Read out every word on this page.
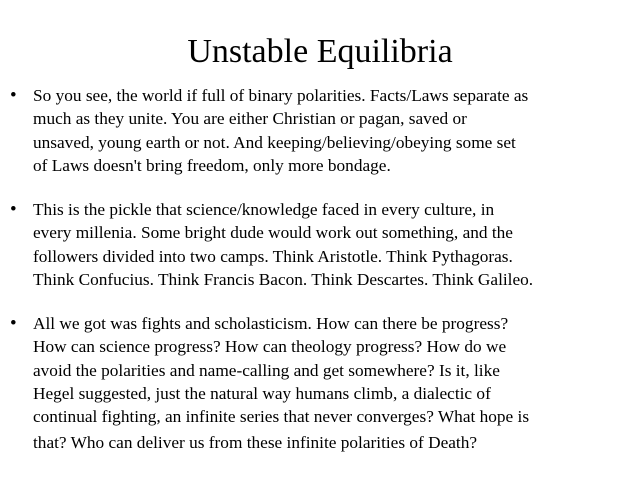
Unstable Equilibria
• So you see, the world if full of binary polarities. Facts/Laws separate as
much as they unite. You are either Christian or pagan, saved or
unsaved, young earth or not. And keeping/believing/obeying some set
of Laws doesn't bring freedom, only more bondage.
• This is the pickle that science/knowledge faced in every culture, in
every millenia. Some bright dude would work out something, and the
followers divided into two camps. Think Aristotle. Think Pythagoras.
Think Confucius. Think Francis Bacon. Think Descartes. Think Galileo.
• All we got was fights and scholasticism. How can there be progress?
How can science progress? How can theology progress? How do we
avoid the polarities and name-calling and get somewhere? Is it, like
Hegel suggested, just the natural way humans climb, a dialectic of
continual fighting, an infinite series that never converges? What hope is
that? Who can deliver us from these infinite polarities of Death?
